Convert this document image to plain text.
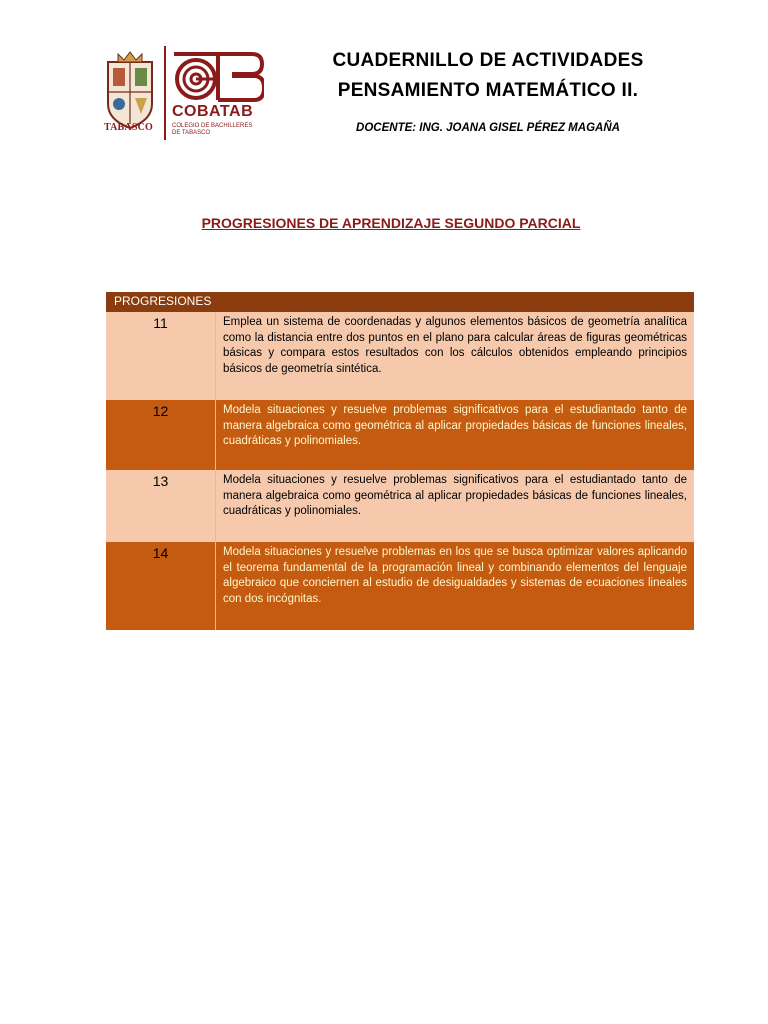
TABASCO
COBATAB
COLEGIO DE BACHILLERES
DE TABASCO
CUADERNILLO DE ACTIVIDADES
PENSAMIENTO MATEMÁTICO II.
DOCENTE: ING. JOANA GISEL PÉREZ MAGAÑA
PROGRESIONES DE APRENDIZAJE SEGUNDO PARCIAL
PROGRESIONES	
11	Emplea un sistema de coordenadas y algunos elementos básicos de geometría analítica como la distancia entre dos puntos en el plano para calcular áreas de figuras geométricas básicas y compara estos resultados con los cálculos obtenidos empleando principios básicos de geometría sintética.
12	Modela situaciones y resuelve problemas significativos para el estudiantado tanto de manera algebraica como geométrica al aplicar propiedades básicas de funciones lineales, cuadráticas y polinomiales.
13	Modela situaciones y resuelve problemas significativos para el estudiantado tanto de manera algebraica como geométrica al aplicar propiedades básicas de funciones lineales, cuadráticas y polinomiales.
14	Modela situaciones y resuelve problemas en los que se busca optimizar valores aplicando el teorema fundamental de la programación lineal y combinando elementos del lenguaje algebraico que conciernen al estudio de desigualdades y sistemas de ecuaciones lineales con dos incógnitas.
